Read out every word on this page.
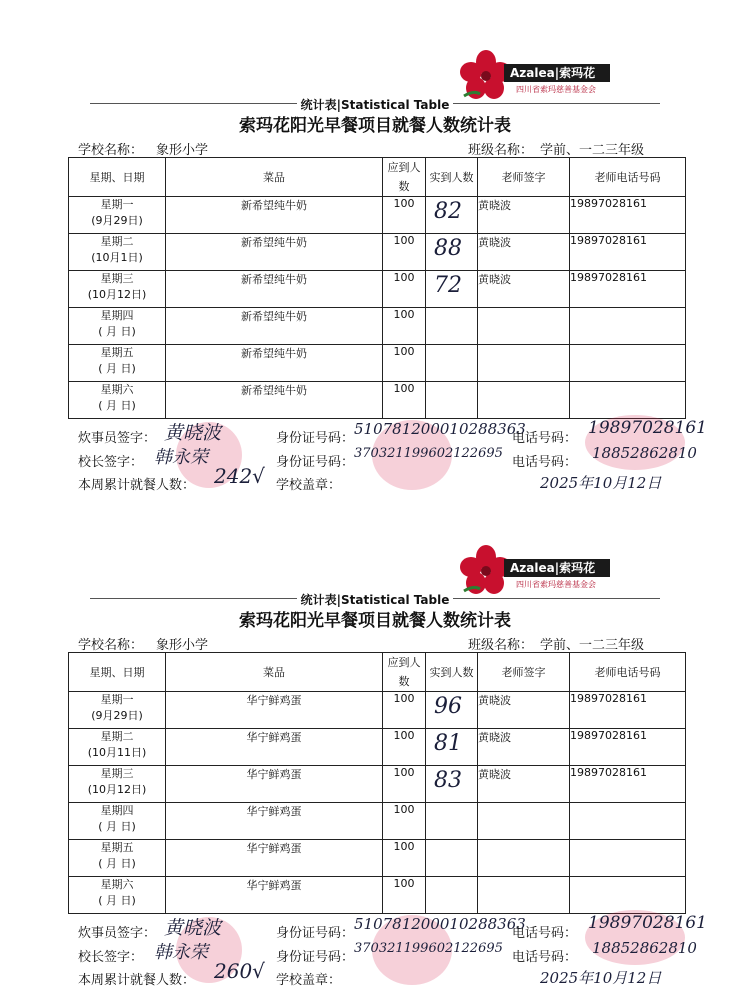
Azalea|索玛花
四川省索玛慈善基金会
统计表|Statistical Table
索玛花阳光早餐项目就餐人数统计表
学校名称： 象形小学	班级名称： 学前、一二三年级
星期、日期	菜品	应到人数	实到人数	老师签字	老师电话号码
星期一
(9月29日)	新希望纯牛奶	100	82	黄晓波	19897028161
星期二
(10月1日)	新希望纯牛奶	100	88	黄晓波	19897028161
星期三
(10月12日)	新希望纯牛奶	100	72	黄晓波	19897028161
星期四
( 月 日)	新希望纯牛奶	100	

星期五
( 月 日)	新希望纯牛奶	100	

星期六
( 月 日)	新希望纯牛奶	100	

炊事员签字： 黄晓波	身份证号码：
510781200010288363
电话号码：
19897028161
校长签字： 韩永荣	身份证号码：
370321199602122695
电话号码：
18852862810
本周累计就餐人数： 242√ 学校盖章：	2025年10月12日
Azalea|索玛花
四川省索玛慈善基金会
统计表|Statistical Table
索玛花阳光早餐项目就餐人数统计表
学校名称： 象形小学	班级名称： 学前、一二三年级
星期、日期	菜品	应到人数	实到人数	老师签字	老师电话号码
星期一
(9月29日)	华宁鲜鸡蛋	100	96	黄晓波	19897028161
星期二
(10月11日)	华宁鲜鸡蛋	100	81	黄晓波	19897028161
星期三
(10月12日)	华宁鲜鸡蛋	100	83	黄晓波	19897028161
星期四
( 月 日)	华宁鲜鸡蛋	100	

星期五
( 月 日)	华宁鲜鸡蛋	100	

星期六
( 月 日)	华宁鲜鸡蛋	100	

炊事员签字： 黄晓波	身份证号码：
510781200010288363
电话号码：
19897028161
校长签字： 韩永荣	身份证号码：
370321199602122695
电话号码：
18852862810
本周累计就餐人数： 260√ 学校盖章：	2025年10月12日
